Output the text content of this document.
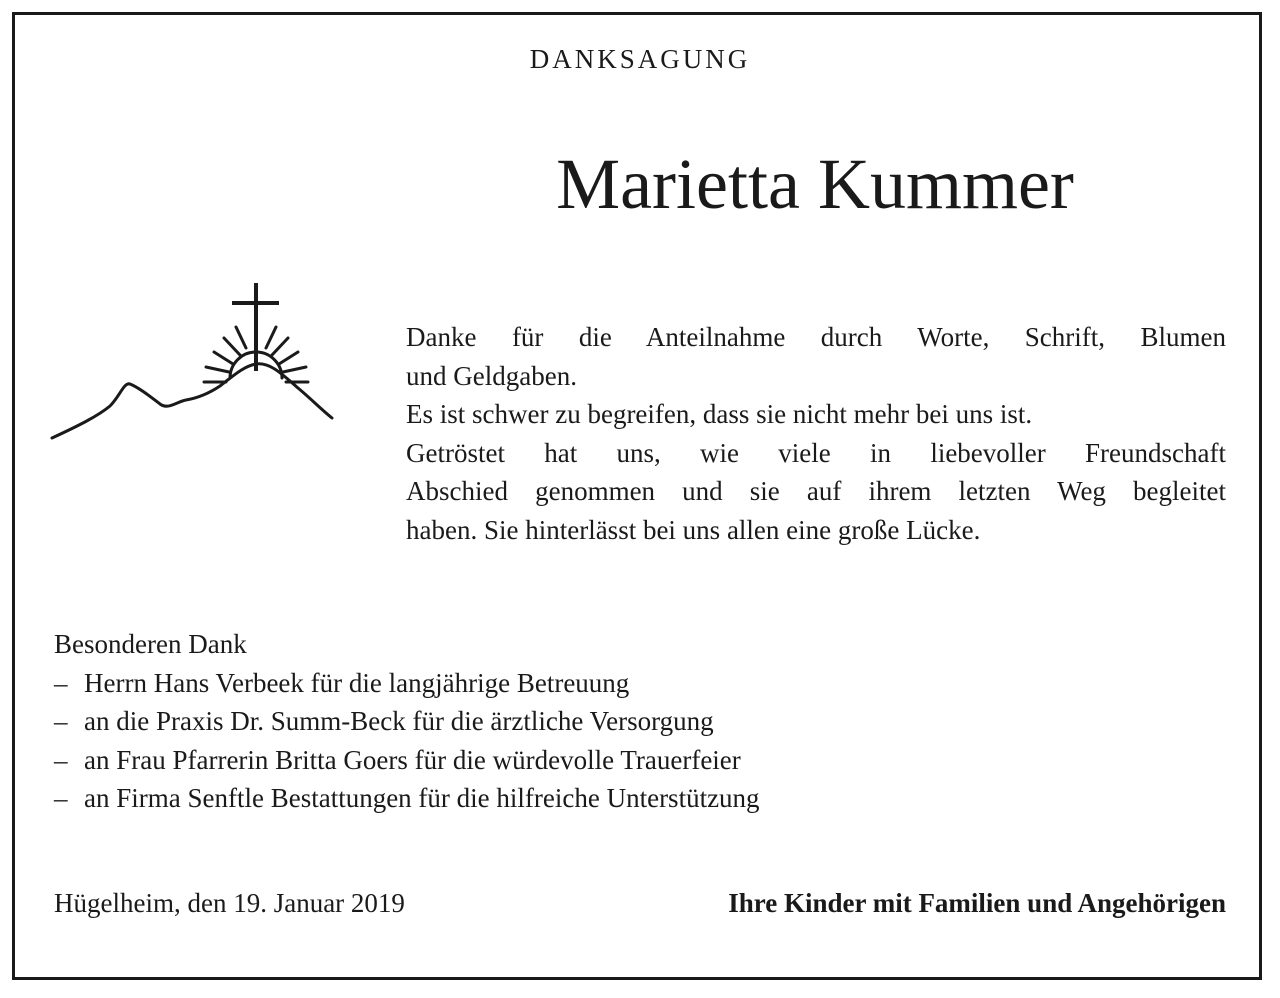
DANKSAGUNG
Marietta Kummer

Danke für die Anteilnahme durch Worte, Schrift, Blumen

und Geldgaben.

Es ist schwer zu begreifen, dass sie nicht mehr bei uns ist.

Getröstet hat uns, wie viele in liebevoller Freundschaft

Abschied genommen und sie auf ihrem letzten Weg begleitet

haben. Sie hinterlässt bei uns allen eine große Lücke.

Besonderen Dank
– Herrn Hans Verbeek für die langjährige Betreuung
– an die Praxis Dr. Summ-Beck für die ärztliche Versorgung
– an Frau Pfarrerin Britta Goers für die würdevolle Trauerfeier
– an Firma Senftle Bestattungen für die hilfreiche Unterstützung
Hügelheim, den 19. Januar 2019	Ihre Kinder mit Familien und Angehörigen
